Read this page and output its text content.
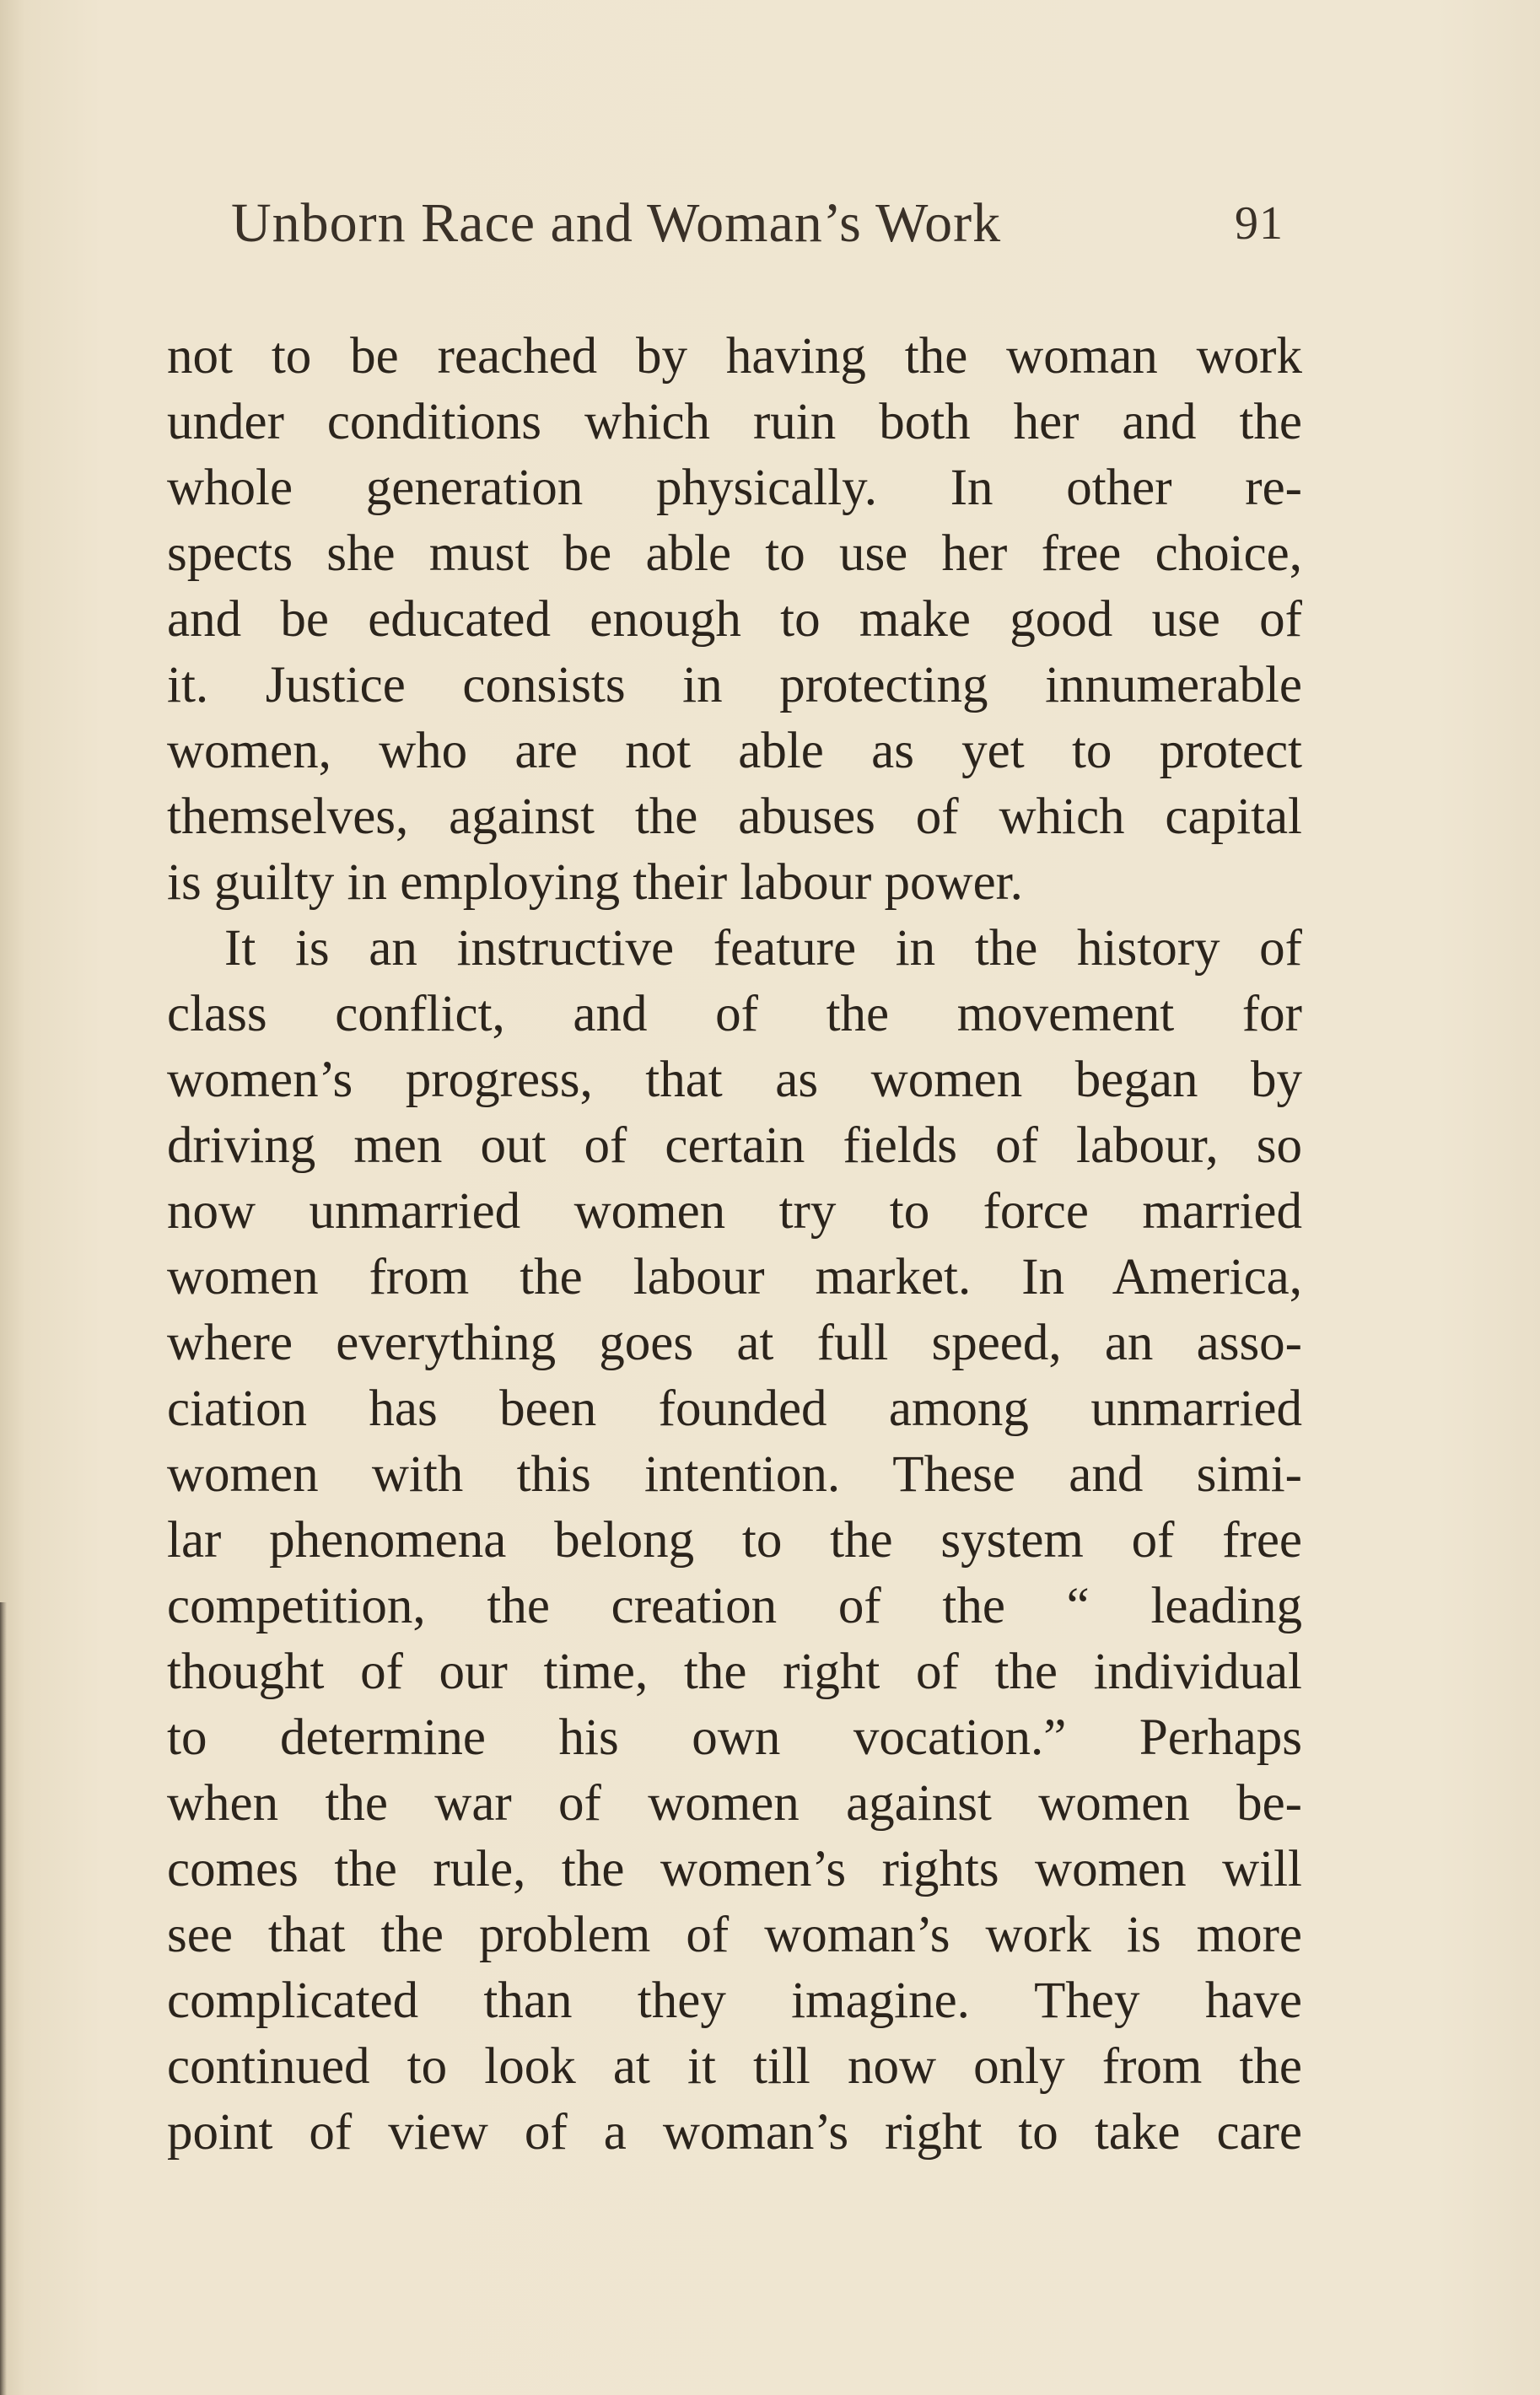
Unborn Race and Woman’s Work	91
not to be reached by having the woman work
under conditions which ruin both her and the
whole generation physically. In other re-
spects she must be able to use her free choice,
and be educated enough to make good use of
it. Justice consists in protecting innumerable
women, who are not able as yet to protect
themselves, against the abuses of which capital
is guilty in employing their labour power.
It is an instructive feature in the history of
class conflict, and of the movement for
women’s progress, that as women began by
driving men out of certain fields of labour, so
now unmarried women try to force married
women from the labour market. In America,
where everything goes at full speed, an asso-
ciation has been founded among unmarried
women with this intention. These and simi-
lar phenomena belong to the system of free
competition, the creation of the “ leading
thought of our time, the right of the individual
to determine his own vocation.” Perhaps
when the war of women against women be-
comes the rule, the women’s rights women will
see that the problem of woman’s work is more
complicated than they imagine. They have
continued to look at it till now only from the
point of view of a woman’s right to take care
